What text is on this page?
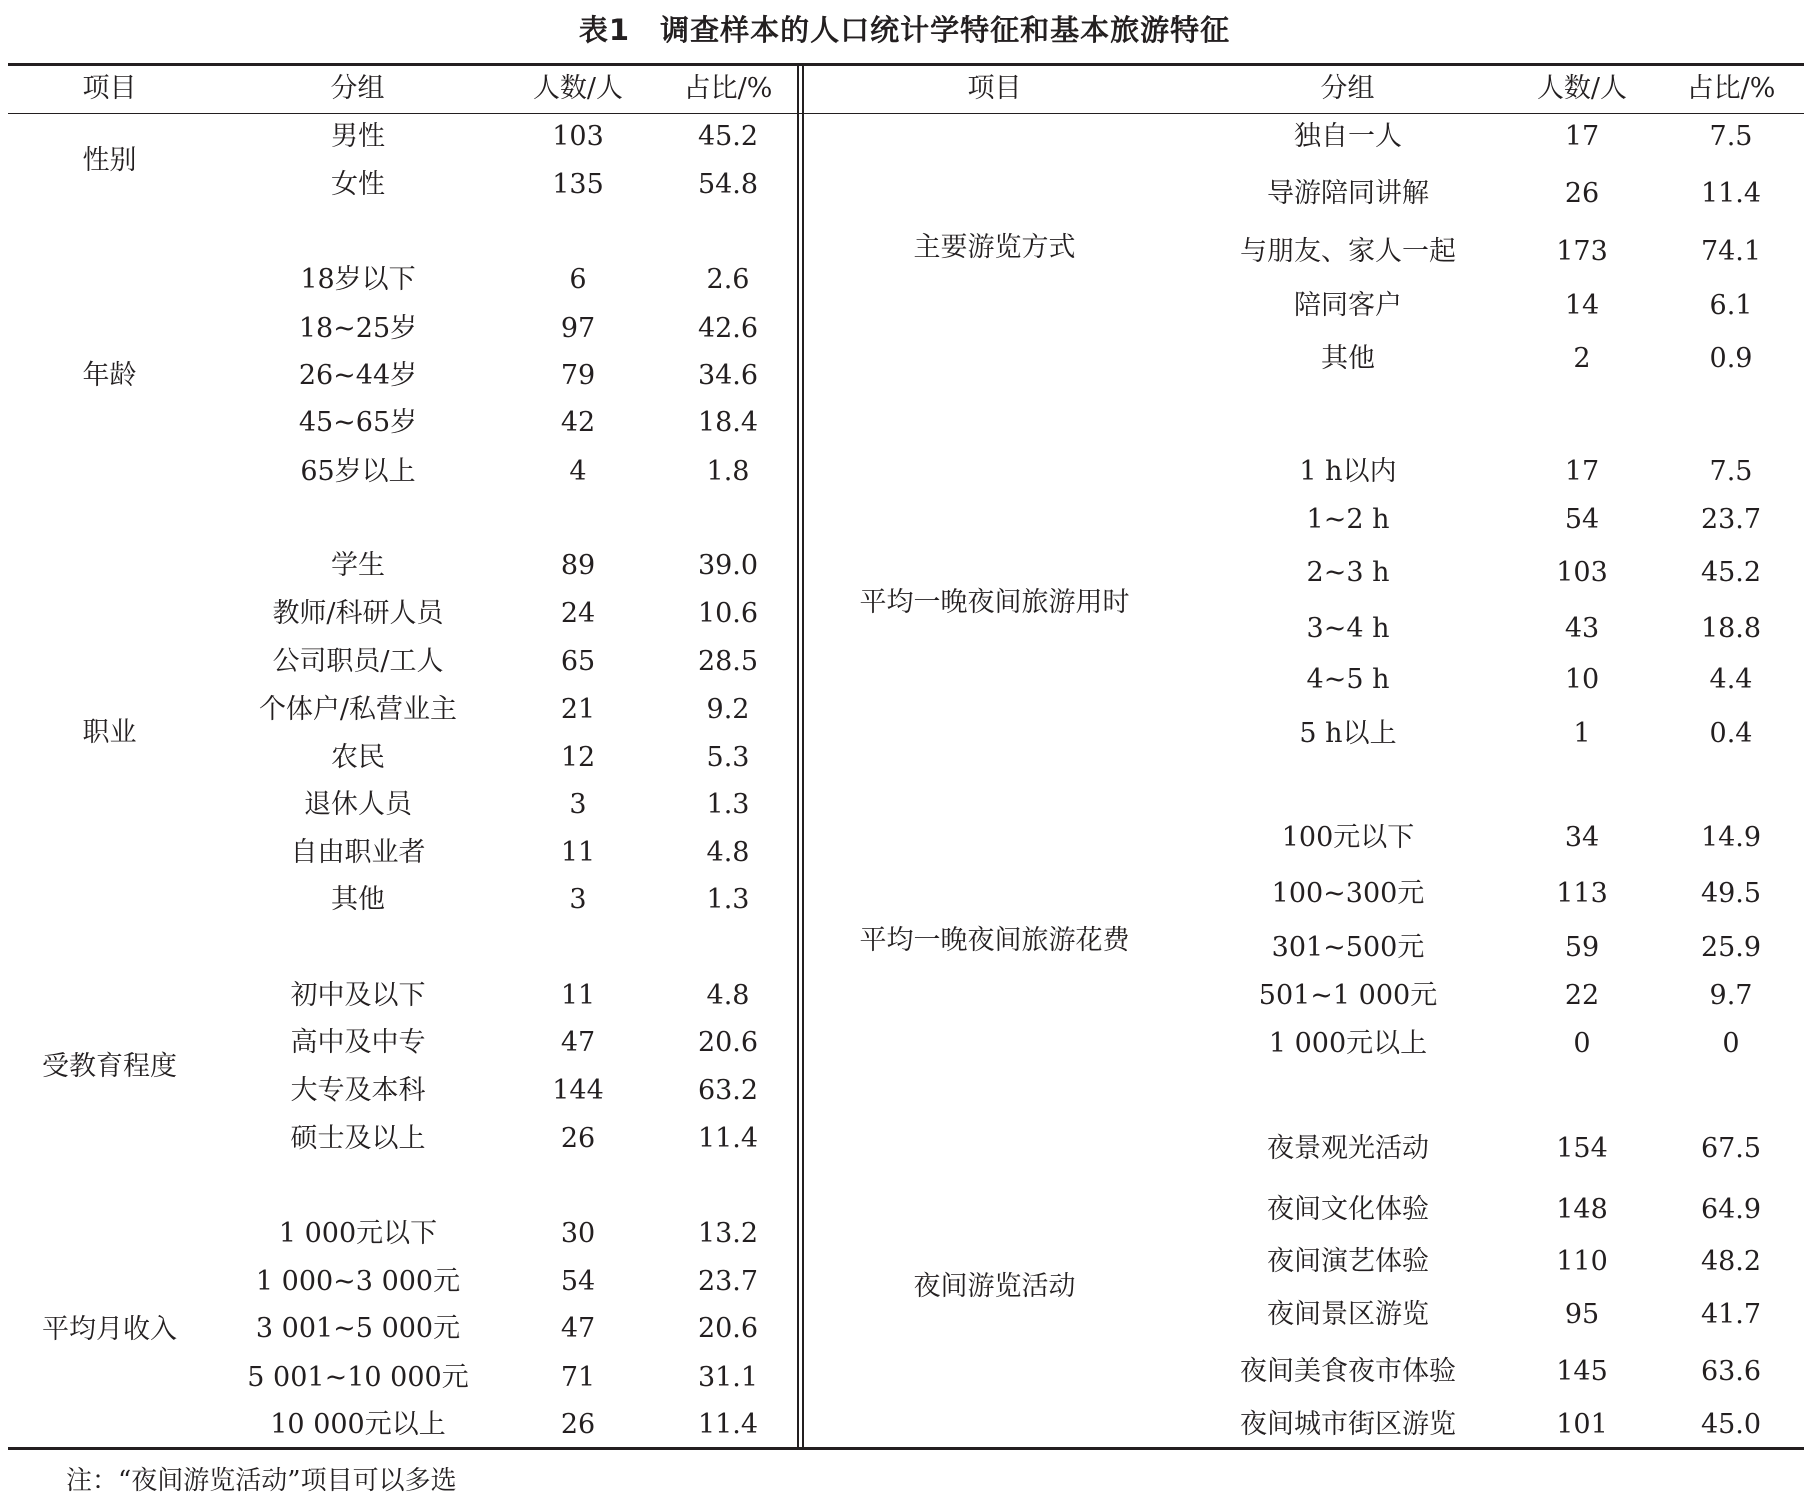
表1　调查样本的人口统计学特征和基本旅游特征
项目	分组	人数/人	占比/%	项目	分组	人数/人	占比/%
性别
男性	103	45.2
女性	135	54.8
年龄
18岁以下	6	2.6
18~25岁	97	42.6
26~44岁	79	34.6
45~65岁	42	18.4
65岁以上	4	1.8
职业
学生	89	39.0
教师/科研人员	24	10.6
公司职员/工人	65	28.5
个体户/私营业主	21	9.2
农民	12	5.3
退休人员	3	1.3
自由职业者	11	4.8
其他	3	1.3
受教育程度
初中及以下	11	4.8
高中及中专	47	20.6
大专及本科	144	63.2
硕士及以上	26	11.4
平均月收入
1 000元以下	30	13.2
1 000~3 000元	54	23.7
3 001~5 000元	47	20.6
5 001~10 000元	71	31.1
10 000元以上	26	11.4
主要游览方式
独自一人	17	7.5
导游陪同讲解	26	11.4
与朋友、家人一起	173	74.1
陪同客户	14	6.1
其他	2	0.9
平均一晚夜间旅游用时
1 h以内	17	7.5
1~2 h	54	23.7
2~3 h	103	45.2
3~4 h	43	18.8
4~5 h	10	4.4
5 h以上	1	0.4
平均一晚夜间旅游花费
100元以下	34	14.9
100~300元	113	49.5
301~500元	59	25.9
501~1 000元	22	9.7
1 000元以上	0	0
夜间游览活动
夜景观光活动	154	67.5
夜间文化体验	148	64.9
夜间演艺体验	110	48.2
夜间景区游览	95	41.7
夜间美食夜市体验	145	63.6
夜间城市街区游览	101	45.0
注：“夜间游览活动”项目可以多选
